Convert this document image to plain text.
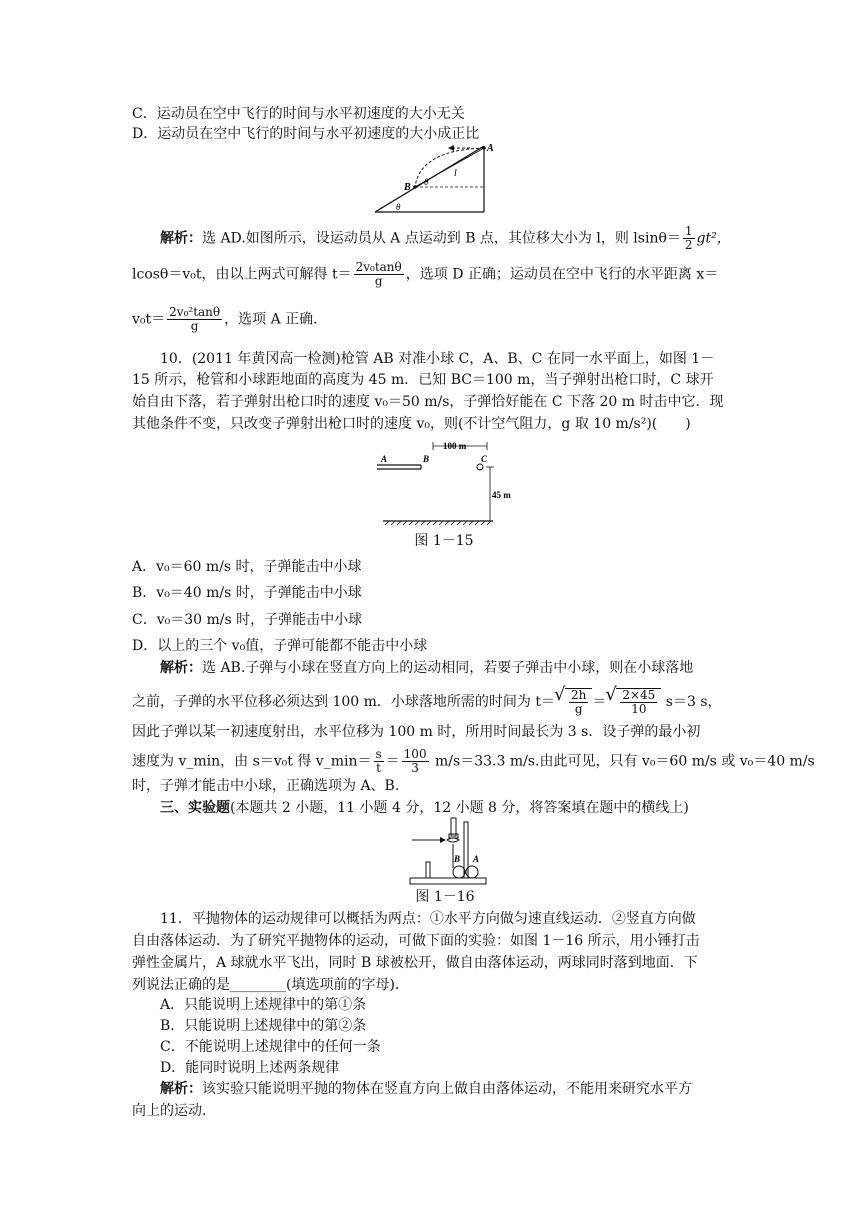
C．运动员在空中飞行的时间与水平初速度的大小无关
D．运动员在空中飞行的时间与水平初速度的大小成正比
A
B
l
θ
θ
解析：选 AD.如图所示，设运动员从 A 点运动到 B 点，其位移大小为 l，则 $lsin\theta= \frac{1}{2} gt^2$，
lcosθ＝v₀t，由以上两式可解得 $t= \frac{\text{2v₀tanθ}}{g}$ ，选项 D 正确；运动员在空中飞行的水平距离 x＝
$v_0t= \frac{\text{2v₀²tanθ}}{g}$ ，选项 A 正确.
10．(2011 年黄冈高一检测)枪管 AB 对准小球 C，A、B、C 在同一水平面上，如图 1－
15 所示，枪管和小球距地面的高度为 45 m．已知 BC＝100 m，当子弹射出枪口时，C 球开
始自由下落，若子弹射出枪口时的速度 v₀＝50 m/s，子弹恰好能在 C 下落 20 m 时击中它．现
其他条件不变，只改变子弹射出枪口时的速度 v₀，则(不计空气阻力，g 取 10 m/s²)(　　)
A	B
100 m
C
45 m
图 1－15
A．v₀＝60 m/s 时，子弹能击中小球
B．v₀＝40 m/s 时，子弹能击中小球
C．v₀＝30 m/s 时，子弹能击中小球
D．以上的三个 v₀值，子弹可能都不能击中小球
解析：选 AB.子弹与小球在竖直方向上的运动相同，若要子弹击中小球，则在小球落地
之前，子弹的水平位移必须达到 100 m．小球落地所需的时间为 t＝ √ $\frac{2h}{g}$ ＝ √ $\frac{2\times 45}{10} s=3$ s，
因此子弹以某一初速度射出，水平位移为 100 m 时，所用时间最长为 3 s．设子弹的最小初
速度为 v_min，由 s＝v₀t 得 v_min＝ $\frac{s}{t} = \frac{100}{3} m/s=33.3$ m/s.由此可见，只有 v₀＝60 m/s 或 v₀＝40 m/s
时，子弹才能击中小球，正确选项为 A、B.
三、实验题(本题共 2 小题，11 小题 4 分，12 小题 8 分，将答案填在题中的横线上)
B A
图 1－16
11．平抛物体的运动规律可以概括为两点：①水平方向做匀速直线运动．②竖直方向做
自由落体运动．为了研究平抛物体的运动，可做下面的实验：如图 1－16 所示，用小锤打击
弹性金属片，A 球就水平飞出，同时 B 球被松开，做自由落体运动，两球同时落到地面．下
列说法正确的是________(填选项前的字母)．
A．只能说明上述规律中的第①条
B．只能说明上述规律中的第②条
C．不能说明上述规律中的任何一条
D．能同时说明上述两条规律
解析：该实验只能说明平抛的物体在竖直方向上做自由落体运动，不能用来研究水平方
向上的运动.
